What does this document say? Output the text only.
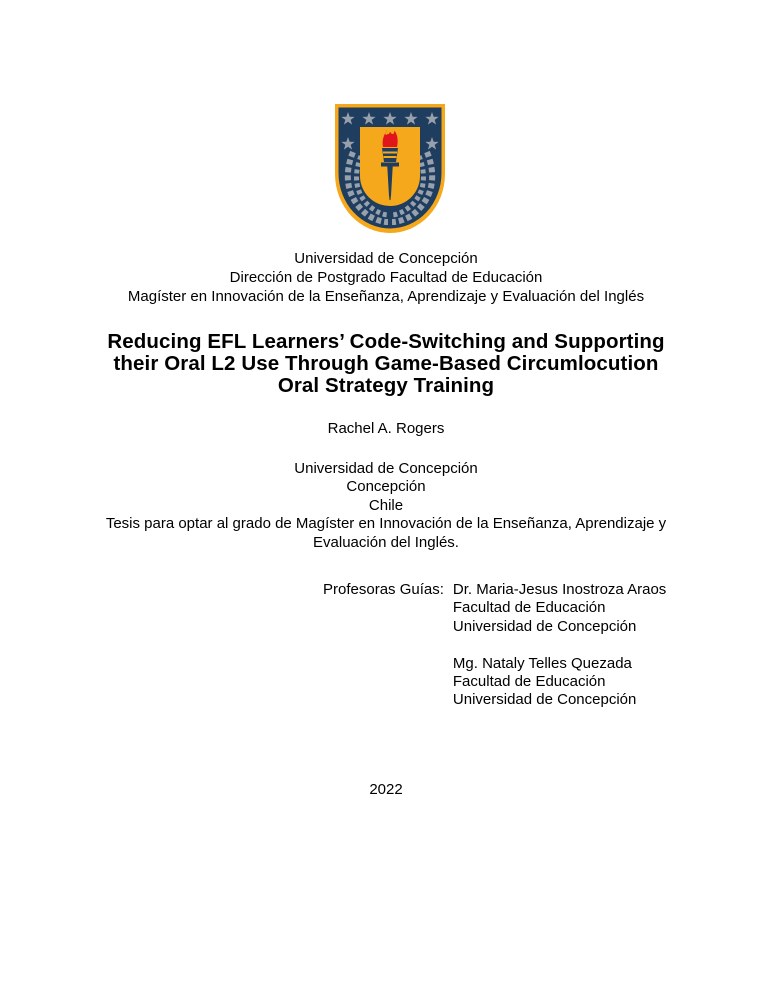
Universidad de Concepción
Dirección de Postgrado Facultad de Educación
Magíster en Innovación de la Enseñanza, Aprendizaje y Evaluación del Inglés
Reducing EFL Learners’ Code-Switching and Supporting
their Oral L2 Use Through Game-Based Circumlocution
Oral Strategy Training
Rachel A. Rogers
Universidad de Concepción
Concepción
Chile
Tesis para optar al grado de Magíster en Innovación de la Enseñanza, Aprendizaje y
Evaluación del Inglés.
Profesoras Guías: Dr. Maria-Jesus Inostroza Araos
Facultad de Educación
Universidad de Concepción
Mg. Nataly Telles Quezada
Facultad de Educación
Universidad de Concepción
2022
